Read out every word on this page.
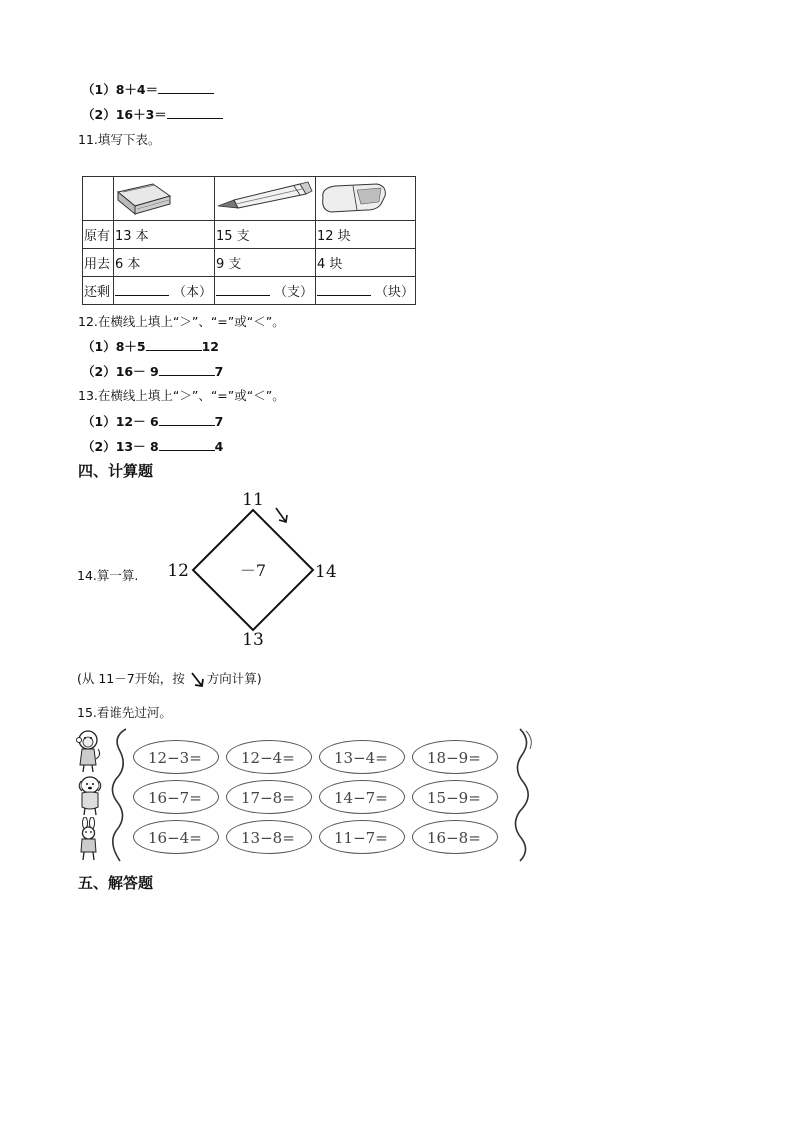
（1）8＋4＝
（2）16＋3＝
11.填写下表。

原有	13 本	15 支	12 块
用去	6 本	9 支	4 块
还剩	（本）	（支）	（块）
12.在横线上填上“＞”、“=”或“＜”。
（1）8＋5	12
（2）16－ 9	7
13.在横线上填上“＞”、“=”或“＜”。
（1）12－ 6	7
（2）13－ 8	4
四、计算题
14.算一算.
11
14
13
12	－7
(从 11－7开始，按 方向计算)
15.看谁先过河。
12−3=	12−4=	13−4=	18−9=
16−7=	17−8=	14−7=	15−9=
16−4=	13−8=	11−7=	16−8=
五、解答题
